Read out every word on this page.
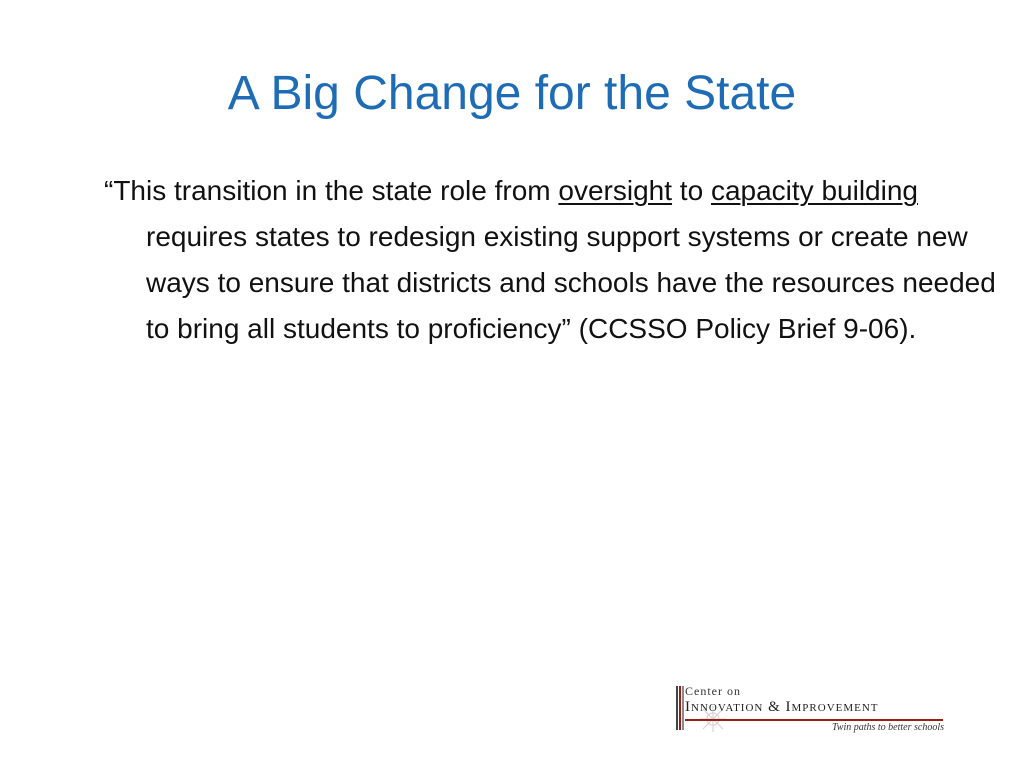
A Big Change for the State
“This transition in the state role from oversight to capacity building requires states to redesign existing support systems or create new ways to ensure that districts and schools have the resources needed to bring all students to proficiency” (CCSSO Policy Brief 9-06).
Center on
Innovation & Improvement
Twin paths to better schools
